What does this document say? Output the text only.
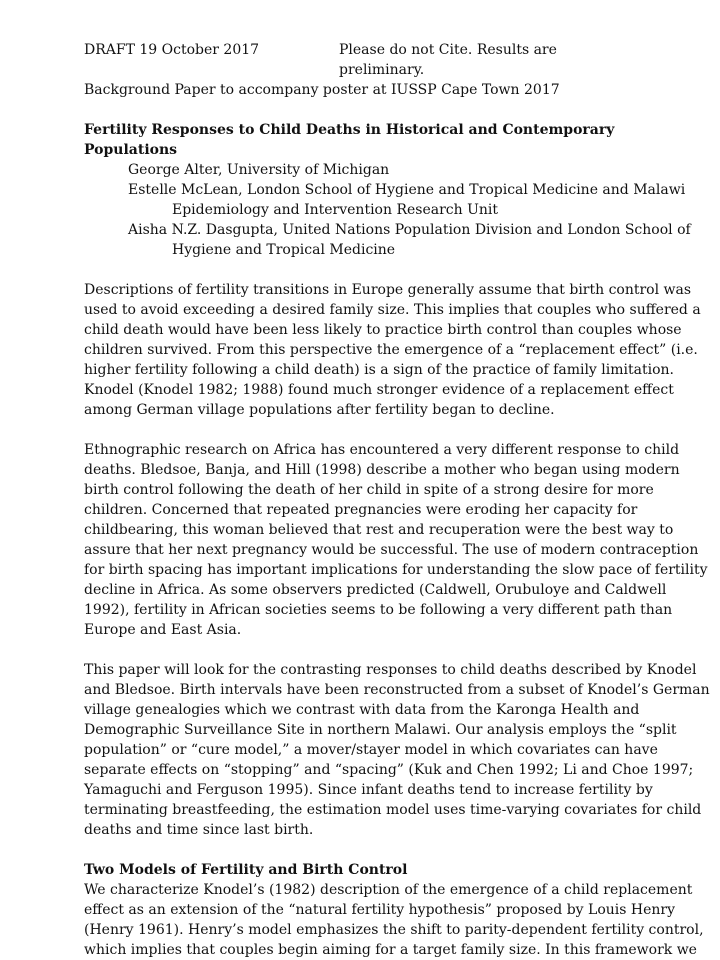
DRAFT 19 October 2017	Please do not Cite. Results are preliminary.
Background Paper to accompany poster at IUSSP Cape Town 2017
Fertility Responses to Child Deaths in Historical and Contemporary
Populations
George Alter, University of Michigan
Estelle McLean, London School of Hygiene and Tropical Medicine and Malawi
Epidemiology and Intervention Research Unit
Aisha N.Z. Dasgupta, United Nations Population Division and London School of
Hygiene and Tropical Medicine
Descriptions of fertility transitions in Europe generally assume that birth control was
used to avoid exceeding a desired family size. This implies that couples who suffered a
child death would have been less likely to practice birth control than couples whose
children survived. From this perspective the emergence of a “replacement effect” (i.e.
higher fertility following a child death) is a sign of the practice of family limitation.
Knodel (Knodel 1982; 1988) found much stronger evidence of a replacement effect
among German village populations after fertility began to decline.
Ethnographic research on Africa has encountered a very different response to child
deaths. Bledsoe, Banja, and Hill (1998) describe a mother who began using modern
birth control following the death of her child in spite of a strong desire for more
children. Concerned that repeated pregnancies were eroding her capacity for
childbearing, this woman believed that rest and recuperation were the best way to
assure that her next pregnancy would be successful. The use of modern contraception
for birth spacing has important implications for understanding the slow pace of fertility
decline in Africa. As some observers predicted (Caldwell, Orubuloye and Caldwell
1992), fertility in African societies seems to be following a very different path than
Europe and East Asia.
This paper will look for the contrasting responses to child deaths described by Knodel
and Bledsoe. Birth intervals have been reconstructed from a subset of Knodel’s German
village genealogies which we contrast with data from the Karonga Health and
Demographic Surveillance Site in northern Malawi. Our analysis employs the “split
population” or “cure model,” a mover/stayer model in which covariates can have
separate effects on “stopping” and “spacing” (Kuk and Chen 1992; Li and Choe 1997;
Yamaguchi and Ferguson 1995). Since infant deaths tend to increase fertility by
terminating breastfeeding, the estimation model uses time-varying covariates for child
deaths and time since last birth.
Two Models of Fertility and Birth Control
We characterize Knodel’s (1982) description of the emergence of a child replacement
effect as an extension of the “natural fertility hypothesis” proposed by Louis Henry
(Henry 1961). Henry’s model emphasizes the shift to parity-dependent fertility control,
which implies that couples begin aiming for a target family size. In this framework we
